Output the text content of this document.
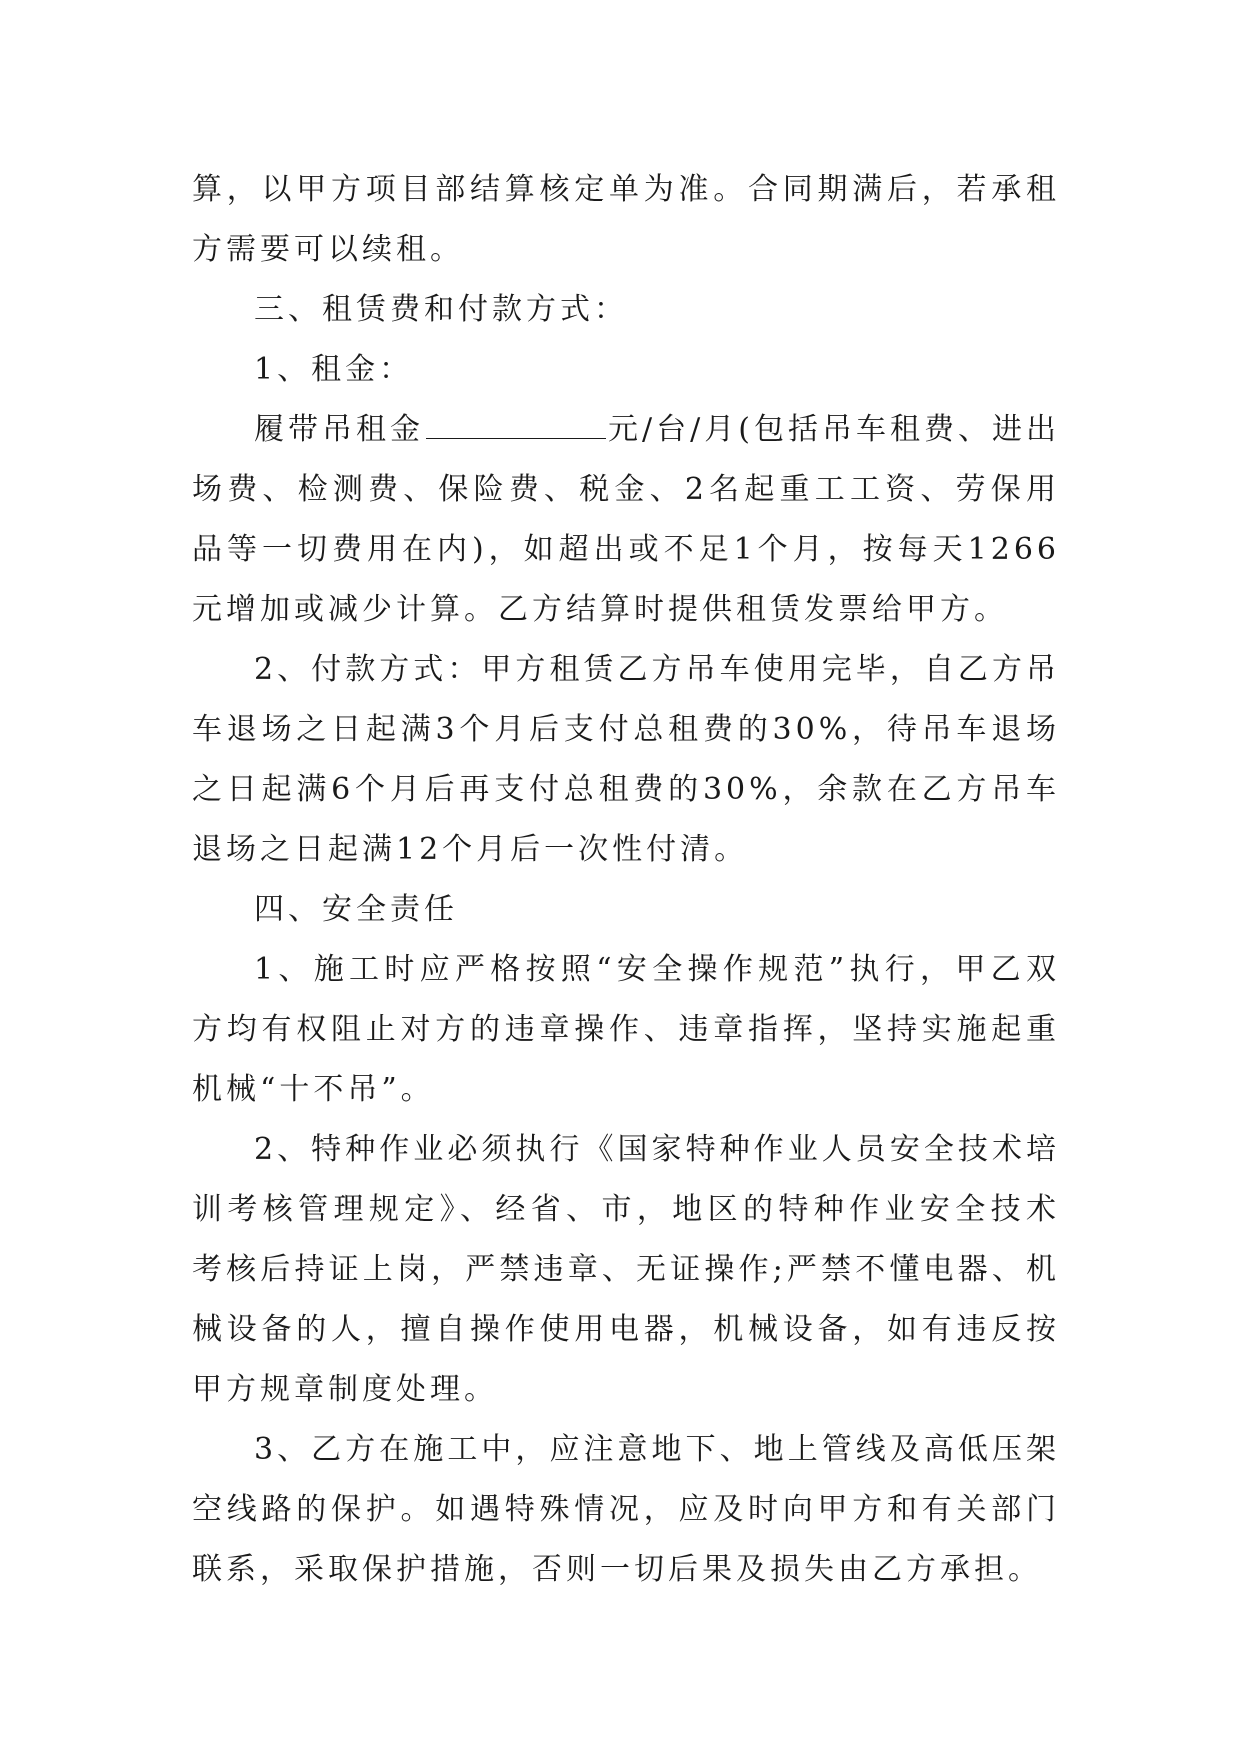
算，以甲方项目部结算核定单为准。合同期满后，若承租方需要可以续租。

三、租赁费和付款方式：

1、租金：

履带吊租金	元/台/月(包括吊车租费、进出场费、检测费、保险费、税金、2名起重工工资、劳保用品等一切费用在内)，如超出或不足1个月，按每天1266元增加或减少计算。乙方结算时提供租赁发票给甲方。

2、付款方式：甲方租赁乙方吊车使用完毕，自乙方吊车退场之日起满3个月后支付总租费的30%，待吊车退场之日起满6个月后再支付总租费的30%，余款在乙方吊车退场之日起满12个月后一次性付清。

四、安全责任

1、施工时应严格按照“安全操作规范”执行，甲乙双方均有权阻止对方的违章操作、违章指挥，坚持实施起重机械“十不吊”。

2、特种作业必须执行《国家特种作业人员安全技术培训考核管理规定》、经省、市，地区的特种作业安全技术考核后持证上岗，严禁违章、无证操作;严禁不懂电器、机械设备的人，擅自操作使用电器，机械设备，如有违反按甲方规章制度处理。

3、乙方在施工中，应注意地下、地上管线及高低压架空线路的保护。如遇特殊情况，应及时向甲方和有关部门联系，采取保护措施，否则一切后果及损失由乙方承担。
